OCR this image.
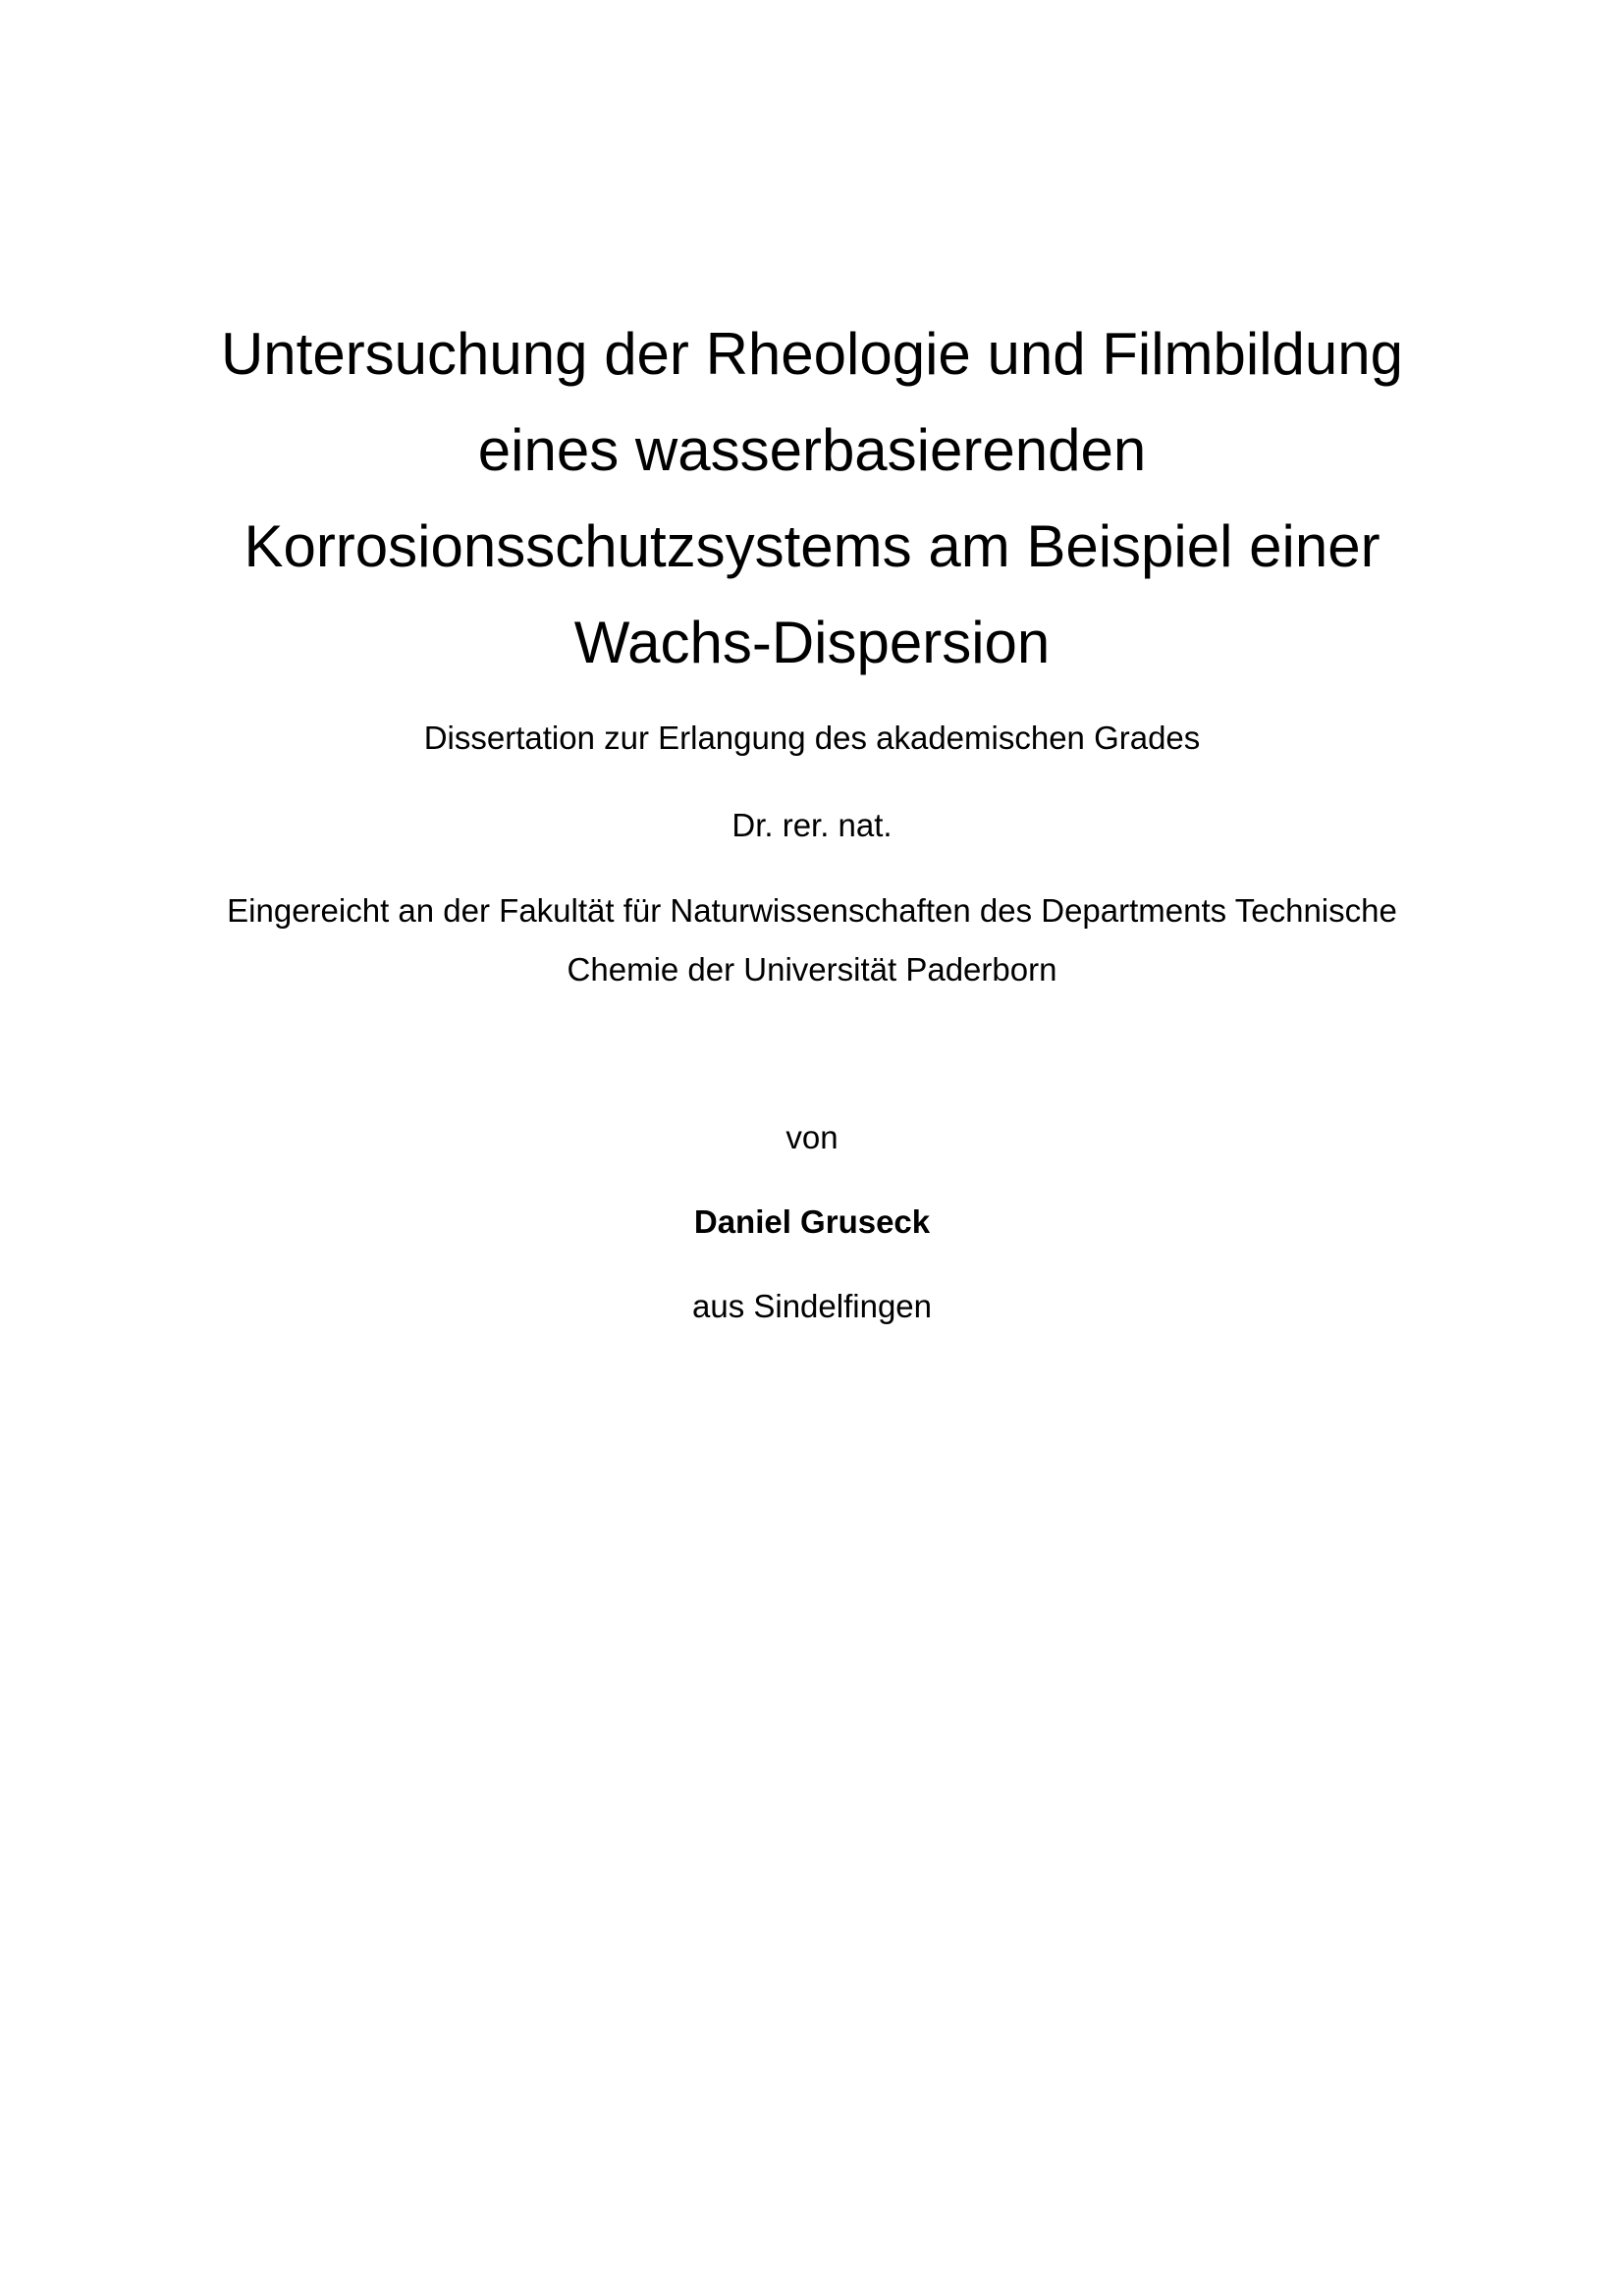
Untersuchung der Rheologie und Filmbildung
eines wasserbasierenden
Korrosionsschutzsystems am Beispiel einer
Wachs-Dispersion
Dissertation zur Erlangung des akademischen Grades
Dr. rer. nat.
Eingereicht an der Fakultät für Naturwissenschaften des Departments Technische
Chemie der Universität Paderborn
von
Daniel Gruseck
aus Sindelfingen
